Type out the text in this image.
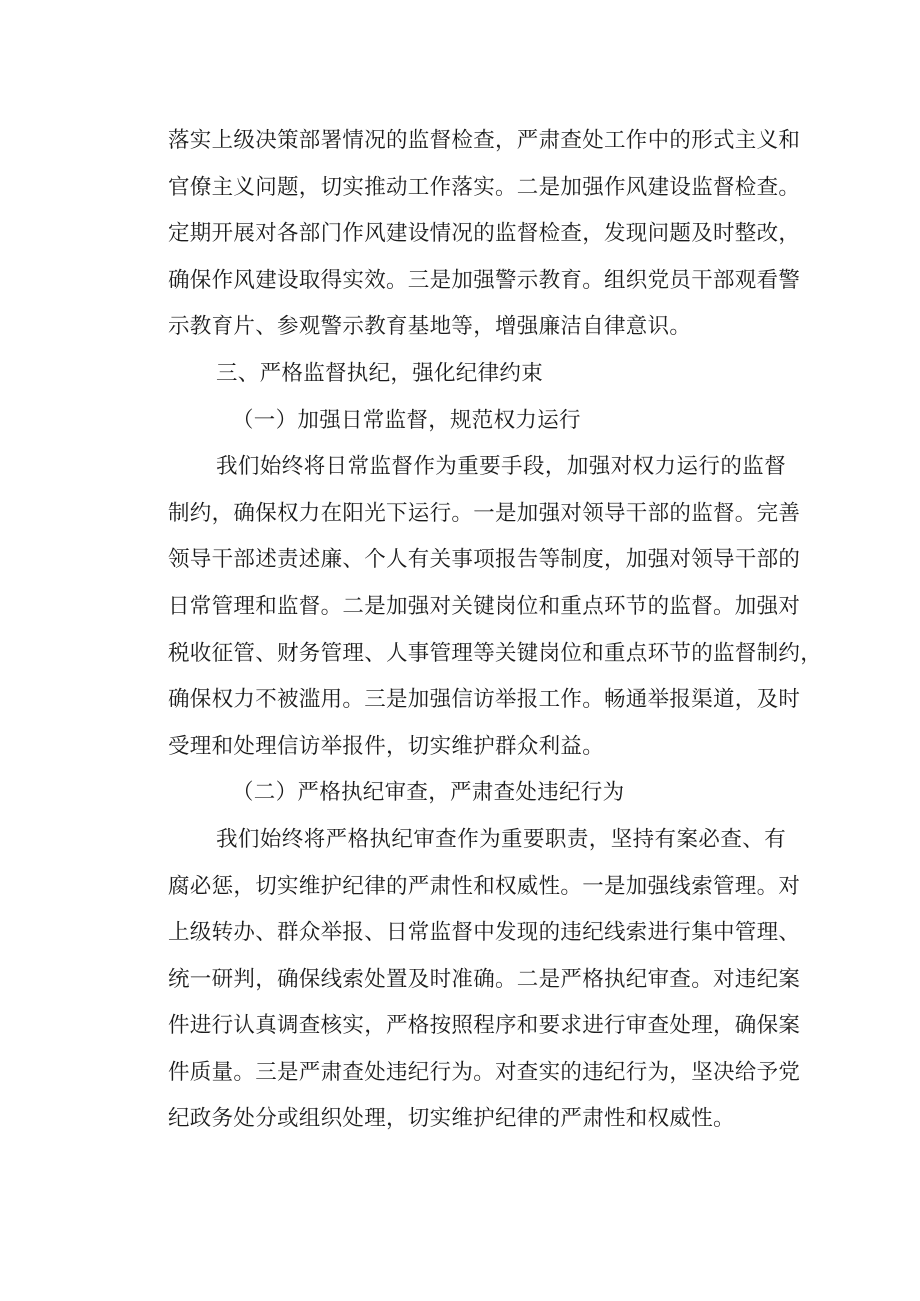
落实上级决策部署情况的监督检查，严肃查处工作中的形式主义和
官僚主义问题，切实推动工作落实。二是加强作风建设监督检查。
定期开展对各部门作风建设情况的监督检查，发现问题及时整改，
确保作风建设取得实效。三是加强警示教育。组织党员干部观看警
示教育片、参观警示教育基地等，增强廉洁自律意识。
三、严格监督执纪，强化纪律约束
（一）加强日常监督，规范权力运行
我们始终将日常监督作为重要手段，加强对权力运行的监督
制约，确保权力在阳光下运行。一是加强对领导干部的监督。完善
领导干部述责述廉、个人有关事项报告等制度，加强对领导干部的
日常管理和监督。二是加强对关键岗位和重点环节的监督。加强对
税收征管、财务管理、人事管理等关键岗位和重点环节的监督制约，
确保权力不被滥用。三是加强信访举报工作。畅通举报渠道，及时
受理和处理信访举报件，切实维护群众利益。
（二）严格执纪审查，严肃查处违纪行为
我们始终将严格执纪审查作为重要职责，坚持有案必查、有
腐必惩，切实维护纪律的严肃性和权威性。一是加强线索管理。对
上级转办、群众举报、日常监督中发现的违纪线索进行集中管理、
统一研判，确保线索处置及时准确。二是严格执纪审查。对违纪案
件进行认真调查核实，严格按照程序和要求进行审查处理，确保案
件质量。三是严肃查处违纪行为。对查实的违纪行为，坚决给予党
纪政务处分或组织处理，切实维护纪律的严肃性和权威性。
